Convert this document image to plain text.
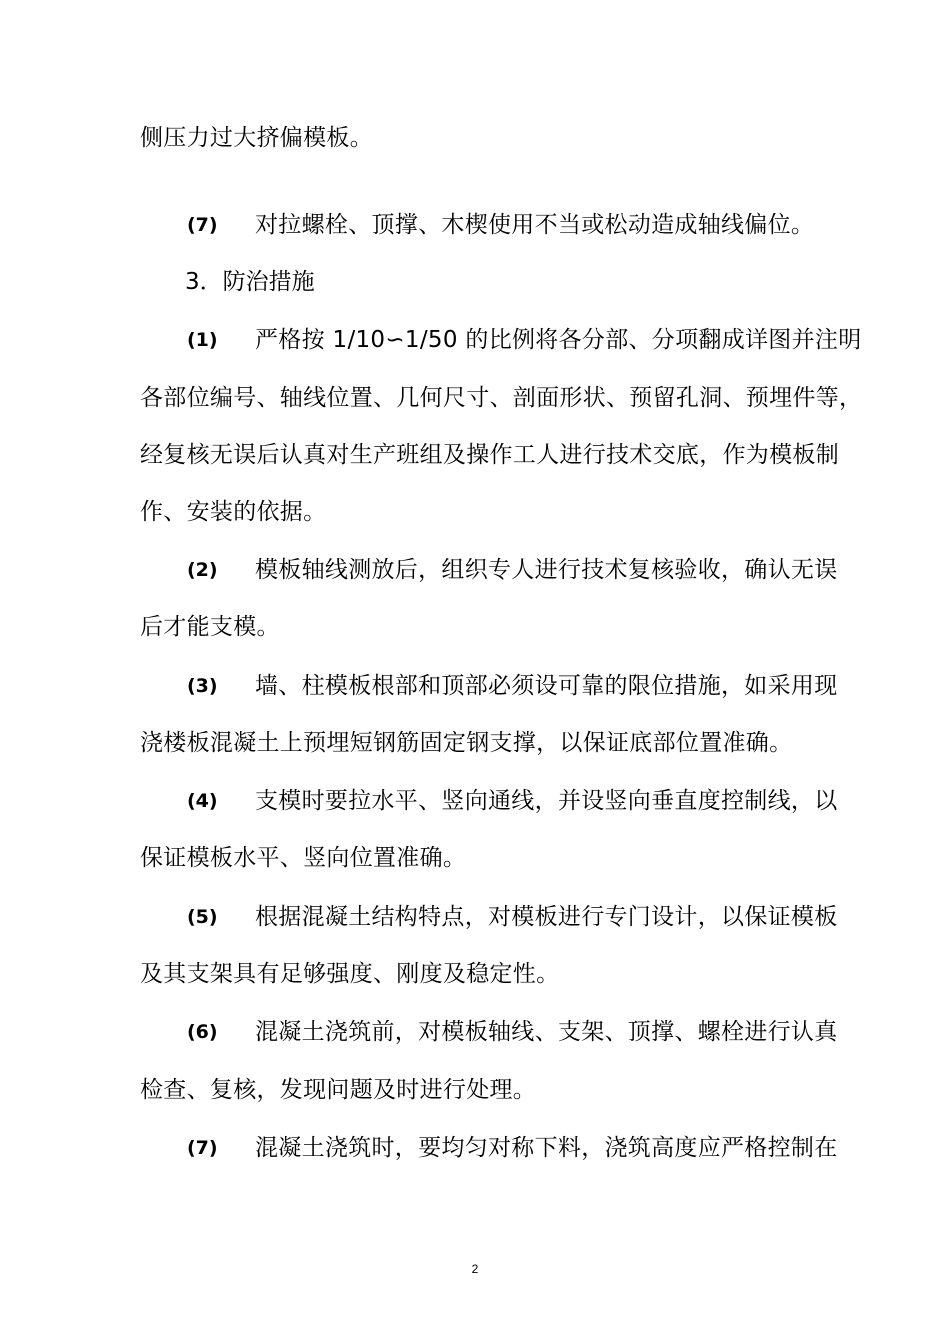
侧压力过大挤偏模板。
(7) 对拉螺栓、顶撑、木楔使用不当或松动造成轴线偏位。
3．防治措施
(1) 严格按 1/10∽1/50 的比例将各分部、分项翻成详图并注明
各部位编号、轴线位置、几何尺寸、剖面形状、预留孔洞、预埋件等，
经复核无误后认真对生产班组及操作工人进行技术交底，作为模板制
作、安装的依据。
(2) 模板轴线测放后，组织专人进行技术复核验收，确认无误
后才能支模。
(3) 墙、柱模板根部和顶部必须设可靠的限位措施，如采用现
浇楼板混凝土上预埋短钢筋固定钢支撑，以保证底部位置准确。
(4) 支模时要拉水平、竖向通线，并设竖向垂直度控制线，以
保证模板水平、竖向位置准确。
(5) 根据混凝土结构特点，对模板进行专门设计，以保证模板
及其支架具有足够强度、刚度及稳定性。
(6) 混凝土浇筑前，对模板轴线、支架、顶撑、螺栓进行认真
检查、复核，发现问题及时进行处理。
(7) 混凝土浇筑时，要均匀对称下料，浇筑高度应严格控制在
2
